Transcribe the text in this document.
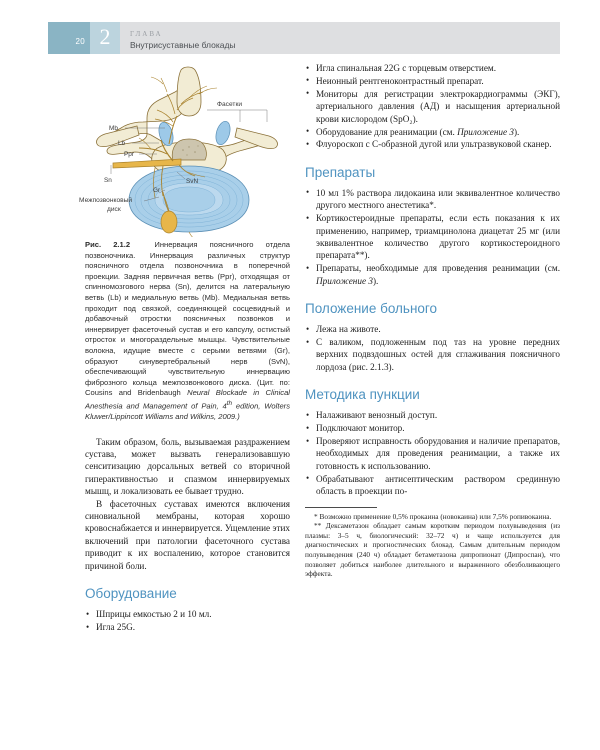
20 2	ГЛАВА
Внутрисуставные блокады
Mb
Lb
Ppr
Sn
Gr
SvN
Фасетки
Межпозвонковый
диск
Рис. 2.1.2	Иннервация поясничного отдела позвоночника. Иннервация различных структур поясничного отдела позвоночника в поперечной проекции. Задняя первичная ветвь (Ppr), отходящая от спинномозгового нерва (Sn), делится на латеральную ветвь (Lb) и медиальную ветвь (Mb). Медиальная ветвь проходит под связкой, соединяющей сосцевидный и добавочный отростки поясничных позвонков и иннервирует фасеточный сустав и его капсулу, остистый отросток и многораздельные мышцы. Чувствительные волокна, идущие вместе с серыми ветвями (Gr), образуют синувертебральный нерв (SvN), обеспечивающий чувствительную иннервацию фиброзного кольца межпозвонкового диска. (Цит. по: Cousins and Bridenbaugh Neural Blockade in Clinical Anesthesia and Management of Pain, 4th edition, Wolters Kluwer/Lippincott Williams and Wilkins, 2009.)

Таким образом, боль, вызываемая раздражением сустава, может вызвать генерализовавшую сенситизацию дорсальных ветвей со вторичной гиперактивностью и спазмом иннервируемых мышц, и локализовать ее бывает трудно.

В фасеточных суставах имеются включения синовиальной мембраны, которая хорошо кровоснабжается и иннервируется. Ущемление этих включений при патологии фасеточного сустава приводит к их воспалению, которое становится причиной боли.

Оборудование
• Шприцы емкостью 2 и 10 мл.
• Игла 25G.
• Игла спинальная 22G с торцевым отверстием.
• Неионный рентгеноконтрастный препарат.
• Мониторы для регистрации электрокардиограммы (ЭКГ), артериального давления (АД) и насыщения артериальной крови кислородом (SpO₂).
• Оборудование для реанимации (см. Приложение 3).
• Флуороскоп с С-образной дугой или ультразвуковой сканер.
Препараты
• 10 мл 1% раствора лидокаина или эквивалентное количество другого местного анестетика*.
• Кортикостероидные препараты, если есть показания к их применению, например, триамцинолона диацетат 25 мг (или эквивалентное количество другого кортикостероидного препарата**).
• Препараты, необходимые для проведения реанимации (см. Приложение 3).
Положение больного
• Лежа на животе.
• С валиком, подложенным под таз на уровне передних верхних подвздошных остей для сглаживания поясничного лордоза (рис. 2.1.3).
Методика пункции
• Налаживают венозный доступ.
• Подключают монитор.
• Проверяют исправность оборудования и наличие препаратов, необходимых для проведения реанимации, а также их готовность к использованию.
• Обрабатывают антисептическим раствором срединную область в проекции по-

* Возможно применение 0,5% прокаина (новокаина) или 7,5% ропивокаина.

** Дексаметазон обладает самым коротким периодом полувыведения (из плазмы: 3–5 ч, биологический: 32–72 ч) и чаще используется для диагностических и прогностических блокад. Самым длительным периодом полувыведения (240 ч) обладает бетаметазона дипропионат (Дипроспан), что позволяет добиться наиболее длительного и выраженного обезболивающего эффекта.
